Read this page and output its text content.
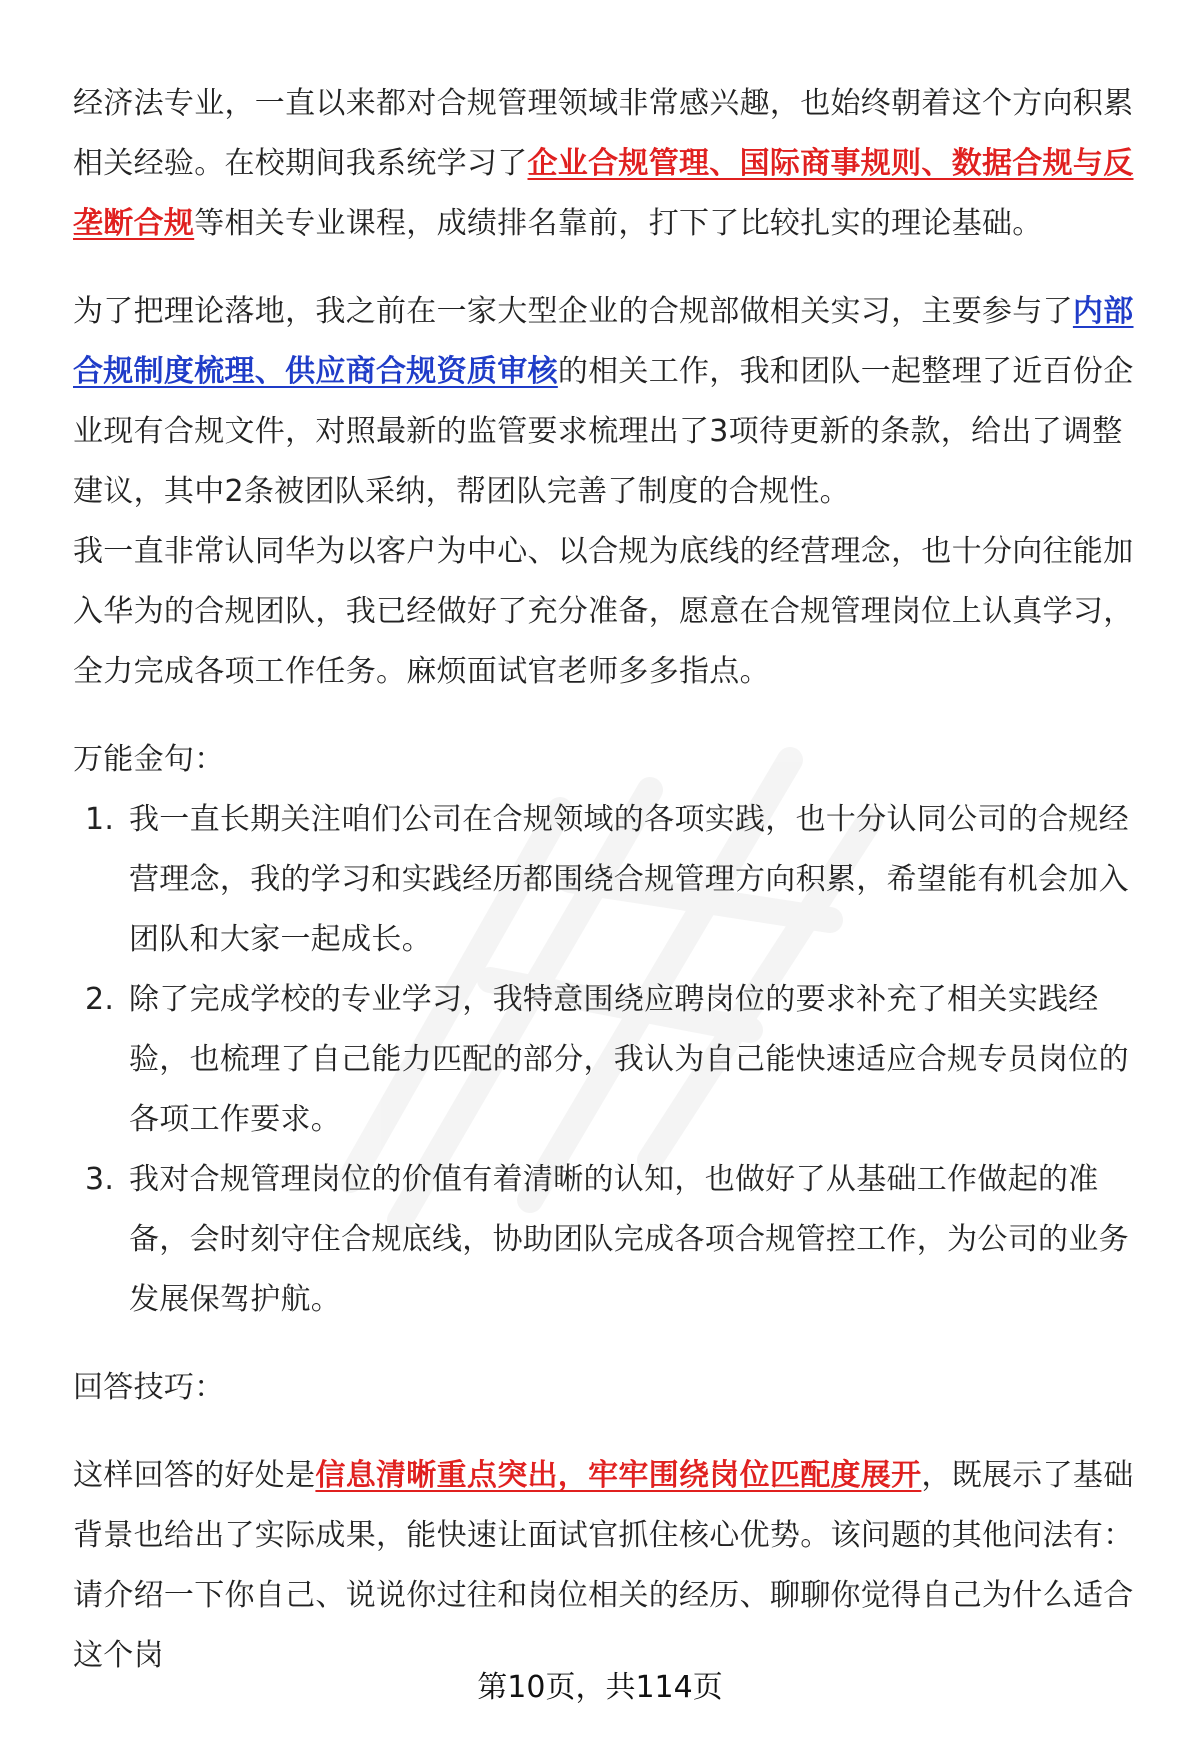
经济法专业，一直以来都对合规管理领域非常感兴趣，也始终朝着这个方向积累相关经验。在校期间我系统学习了企业合规管理、国际商事规则、数据合规与反垄断合规等相关专业课程，成绩排名靠前，打下了比较扎实的理论基础。

为了把理论落地，我之前在一家大型企业的合规部做相关实习，主要参与了内部合规制度梳理、供应商合规资质审核的相关工作，我和团队一起整理了近百份企业现有合规文件，对照最新的监管要求梳理出了3项待更新的条款，给出了调整建议，其中2条被团队采纳，帮团队完善了制度的合规性。

我一直非常认同华为以客户为中心、以合规为底线的经营理念，也十分向往能加入华为的合规团队，我已经做好了充分准备，愿意在合规管理岗位上认真学习，全力完成各项工作任务。麻烦面试官老师多多指点。

万能金句：

1. 我一直长期关注咱们公司在合规领域的各项实践，也十分认同公司的合规经营理念，我的学习和实践经历都围绕合规管理方向积累，希望能有机会加入团队和大家一起成长。
2. 除了完成学校的专业学习，我特意围绕应聘岗位的要求补充了相关实践经验，也梳理了自己能力匹配的部分，我认为自己能快速适应合规专员岗位的各项工作要求。
3. 我对合规管理岗位的价值有着清晰的认知，也做好了从基础工作做起的准备，会时刻守住合规底线，协助团队完成各项合规管控工作，为公司的业务发展保驾护航。

回答技巧：

这样回答的好处是信息清晰重点突出，牢牢围绕岗位匹配度展开，既展示了基础背景也给出了实际成果，能快速让面试官抓住核心优势。该问题的其他问法有：请介绍一下你自己、说说你过往和岗位相关的经历、聊聊你觉得自己为什么适合这个岗

第10页，共114页
